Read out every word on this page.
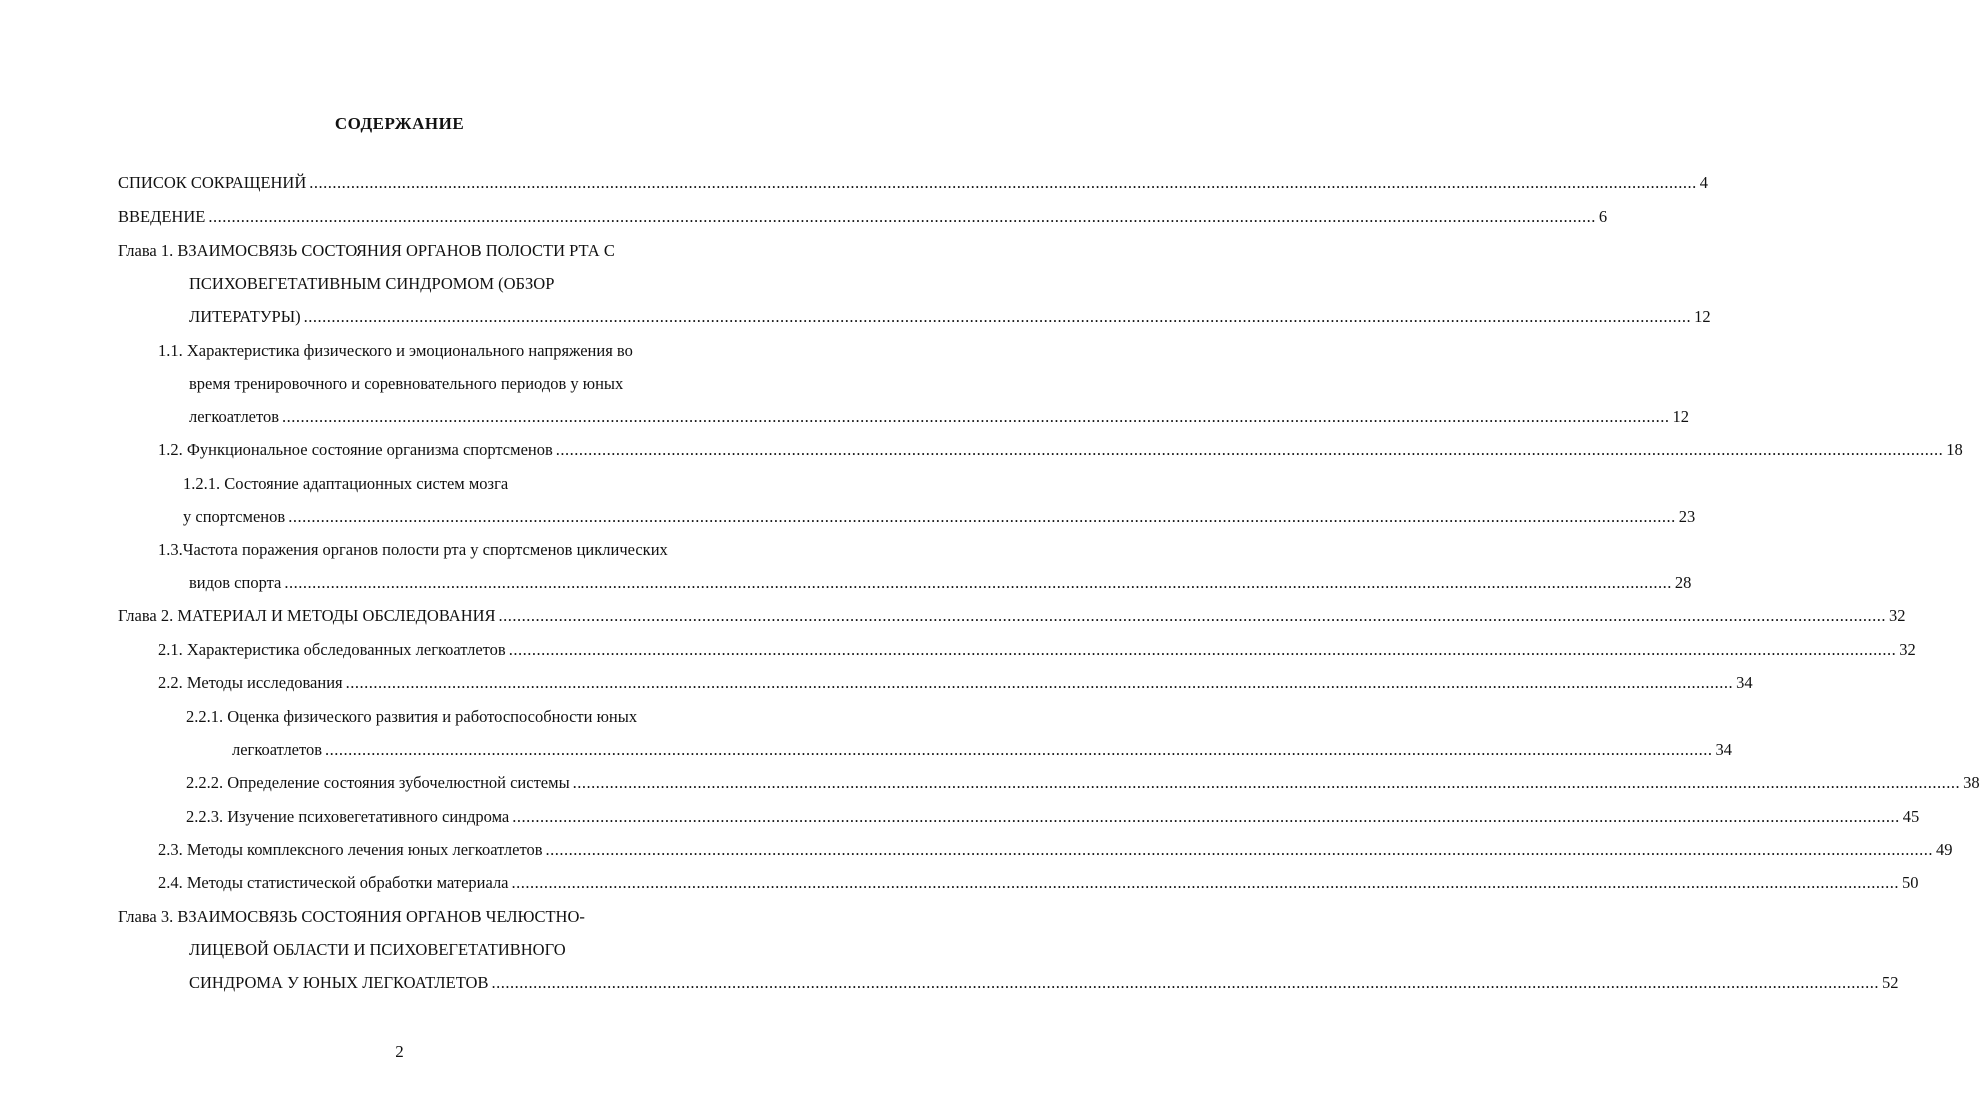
СОДЕРЖАНИЕ
СПИСОК СОКРАЩЕНИЙ ............................................................................................................................................................................................................................................................................................................ 4
ВВЕДЕНИЕ ............................................................................................................................................................................................................................................................................................................ 6
Глава 1. ВЗАИМОСВЯЗЬ СОСТОЯНИЯ ОРГАНОВ ПОЛОСТИ РТА С
ПСИХОВЕГЕТАТИВНЫМ СИНДРОМОМ (ОБЗОР
ЛИТЕРАТУРЫ) ............................................................................................................................................................................................................................................................................................................ 12
1.1. Характеристика физического и эмоционального напряжения во
время тренировочного и соревновательного периодов у юных
легкоатлетов ............................................................................................................................................................................................................................................................................................................ 12
1.2. Функциональное состояние организма спортсменов ............................................................................................................................................................................................................................................................................................................ 18
1.2.1. Состояние адаптационных систем мозга
у спортсменов ............................................................................................................................................................................................................................................................................................................ 23
1.3.Частота поражения органов полости рта у спортсменов циклических
видов спорта ............................................................................................................................................................................................................................................................................................................ 28
Глава 2. МАТЕРИАЛ И МЕТОДЫ ОБСЛЕДОВАНИЯ ............................................................................................................................................................................................................................................................................................................ 32
2.1. Характеристика обследованных легкоатлетов ............................................................................................................................................................................................................................................................................................................ 32
2.2. Методы исследования ............................................................................................................................................................................................................................................................................................................ 34
2.2.1. Оценка физического развития и работоспособности юных
легкоатлетов ............................................................................................................................................................................................................................................................................................................ 34
2.2.2. Определение состояния зубочелюстной системы ............................................................................................................................................................................................................................................................................................................ 38
2.2.3. Изучение психовегетативного синдрома ............................................................................................................................................................................................................................................................................................................ 45
2.3. Методы комплексного лечения юных легкоатлетов ............................................................................................................................................................................................................................................................................................................ 49
2.4. Методы статистической обработки материала ............................................................................................................................................................................................................................................................................................................ 50
Глава 3. ВЗАИМОСВЯЗЬ СОСТОЯНИЯ ОРГАНОВ ЧЕЛЮСТНО-
ЛИЦЕВОЙ ОБЛАСТИ И ПСИХОВЕГЕТАТИВНОГО
СИНДРОМА У ЮНЫХ ЛЕГКОАТЛЕТОВ ............................................................................................................................................................................................................................................................................................................ 52
2
